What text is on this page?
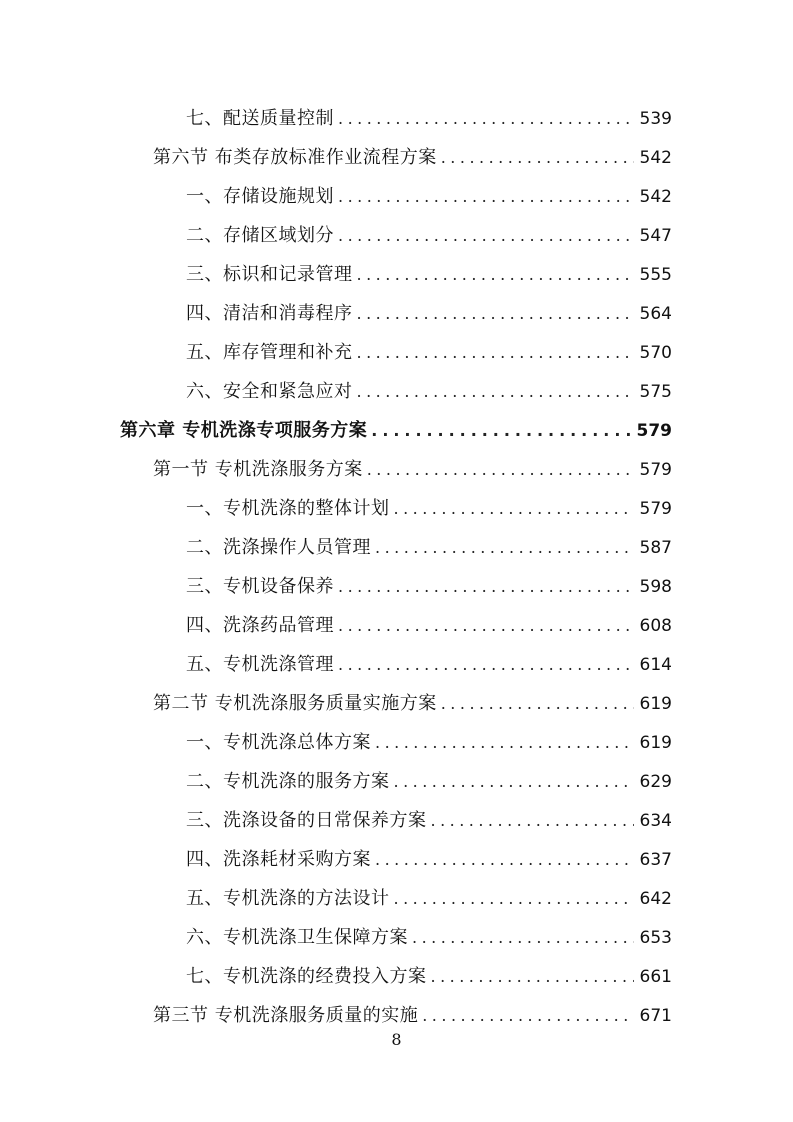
七、配送质量控制 . . .	539
第六节 布类存放标准作业流程方案 . . .	542
一、存储设施规划 . . .	542
二、存储区域划分 . . .	547
三、标识和记录管理 . . .	555
四、清洁和消毒程序 . . .	564
五、库存管理和补充 . . .	570
六、安全和紧急应对 . . .	575
第六章 专机洗涤专项服务方案 . . .	579
第一节 专机洗涤服务方案 . . .	579
一、专机洗涤的整体计划 . . .	579
二、洗涤操作人员管理 . . .	587
三、专机设备保养 . . .	598
四、洗涤药品管理 . . .	608
五、专机洗涤管理 . . .	614
第二节 专机洗涤服务质量实施方案 . . .	619
一、专机洗涤总体方案 . . .	619
二、专机洗涤的服务方案 . . .	629
三、洗涤设备的日常保养方案 . . .	634
四、洗涤耗材采购方案 . . .	637
五、专机洗涤的方法设计 . . .	642
六、专机洗涤卫生保障方案 . . .	653
七、专机洗涤的经费投入方案 . . .	661
第三节 专机洗涤服务质量的实施 . . .	671
8
